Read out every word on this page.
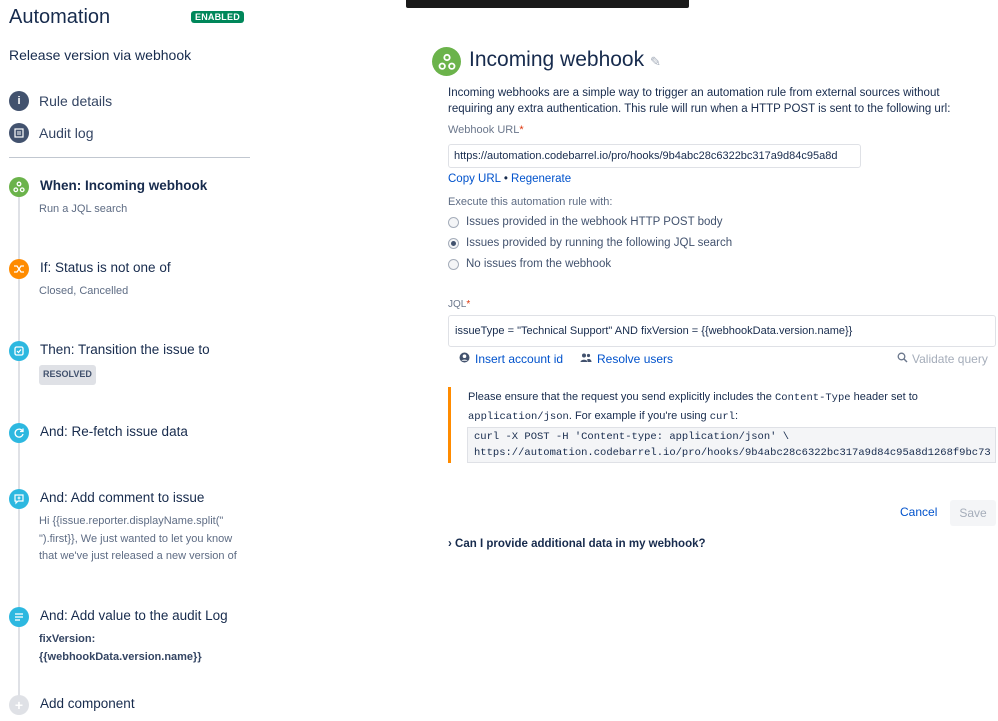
Automation	ENABLED
Release version via webhook
i	Rule details
Audit log
When: Incoming webhook
Run a JQL search
If: Status is not one of
Closed, Cancelled
Then: Transition the issue to
RESOLVED
And: Re-fetch issue data
And: Add comment to issue
Hi {{issue.reporter.displayName.split(" ").first}}, We just wanted to let you know that we've just released a new version of
And: Add value to the audit Log
fixVersion: {{webhookData.version.name}}
+	Add component
Incoming webhook ✎
Incoming webhooks are a simple way to trigger an automation rule from external sources without requiring any extra authentication. This rule will run when a HTTP POST is sent to the following url:
Webhook URL*
https://automation.codebarrel.io/pro/hooks/9b4abc28c6322bc317a9d84c95a8d
Copy URL • Regenerate
Execute this automation rule with:
Issues provided in the webhook HTTP POST body
Issues provided by running the following JQL search
No issues from the webhook
JQL*
issueType = "Technical Support" AND fixVersion = {{webhookData.version.name}}
Insert account id	Resolve users	Validate query
Please ensure that the request you send explicitly includes the Content-Type header set to application/json. For example if you're using curl:
curl -X POST -H 'Content-type: application/json' \
https://automation.codebarrel.io/pro/hooks/9b4abc28c6322bc317a9d84c95a8d1268f9bc73
Cancel	Save
› Can I provide additional data in my webhook?
